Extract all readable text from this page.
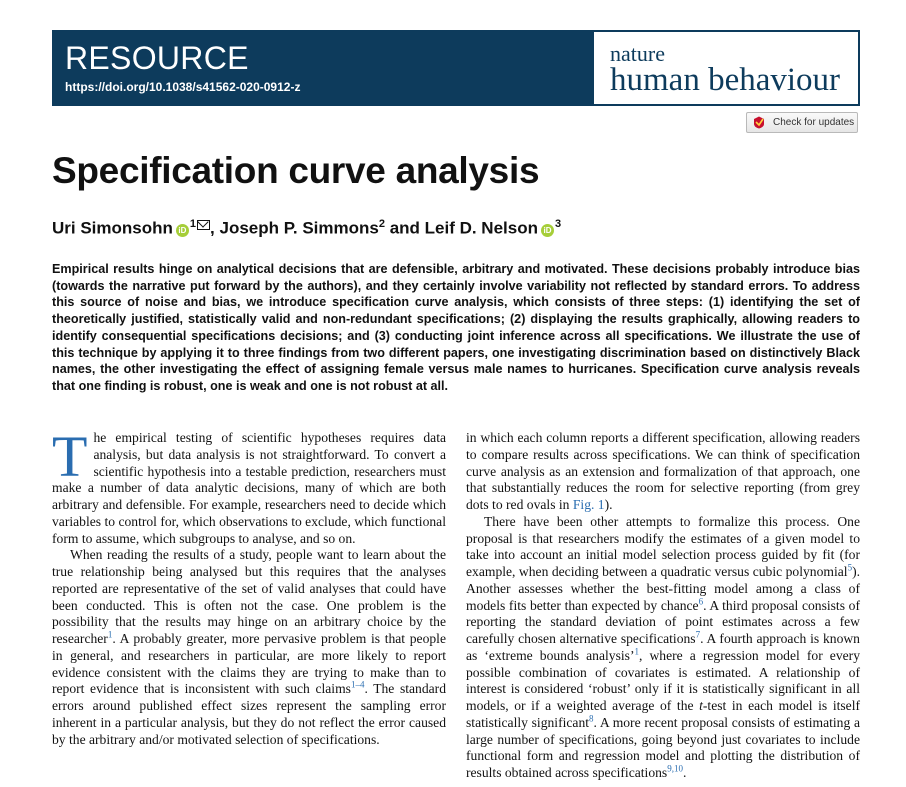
RESOURCE
https://doi.org/10.1038/s41562-020-0912-z
nature
human behaviour
Check for updates
Specification curve analysis
Uri Simonsohn $iD^1$ , Joseph P. Simmons$^2$ and Leif D. Nelson $iD^3$
Empirical results hinge on analytical decisions that are defensible, arbitrary and motivated. These decisions probably introduce bias (towards the narrative put forward by the authors), and they certainly involve variability not reflected by standard errors. To address this source of noise and bias, we introduce specification curve analysis, which consists of three steps: (1) identifying the set of theoretically justified, statistically valid and non-redundant specifications; (2) displaying the results graphically, allowing readers to identify consequential specifications decisions; and (3) conducting joint inference across all specifications. We illustrate the use of this technique by applying it to three findings from two different papers, one investigating discrimination based on distinctively Black names, the other investigating the effect of assigning female versus male names to hurricanes. Specification curve analysis reveals that one finding is robust, one is weak and one is not robust at all.

The empirical testing of scientific hypotheses requires data analysis, but data analysis is not straightforward. To convert a scientific hypothesis into a testable prediction, researchers must make a number of data analytic decisions, many of which are both arbitrary and defensible. For example, researchers need to decide which variables to control for, which observations to exclude, which functional form to assume, which subgroups to analyse, and so on.

When reading the results of a study, people want to learn about the true relationship being analysed but this requires that the analyses reported are representative of the set of valid analyses that could have been conducted. This is often not the case. One problem is the possibility that the results may hinge on an arbitrary choice by the researcher$^1$. A probably greater, more pervasive problem is that people in general, and researchers in particular, are more likely to report evidence consistent with the claims they are trying to make than to report evidence that is inconsistent with such claims$^{1-4}$. The standard errors around published effect sizes represent the sampling error inherent in a particular analysis, but they do not reflect the error caused by the arbitrary and/or motivated selection of specifications.

in which each column reports a different specification, allowing readers to compare results across specifications. We can think of specification curve analysis as an extension and formalization of that approach, one that substantially reduces the room for selective reporting (from grey dots to red ovals in Fig. 1).

There have been other attempts to formalize this process. One proposal is that researchers modify the estimates of a given model to take into account an initial model selection process guided by fit (for example, when deciding between a quadratic versus cubic polynomial$^5$). Another assesses whether the best-fitting model among a class of models fits better than expected by chance$^6$. A third proposal consists of reporting the standard deviation of point estimates across a few carefully chosen alternative specifications$^7$. A fourth approach is known as ‘extreme bounds analysis’$^1$, where a regression model for every possible combination of covariates is estimated. A relationship of interest is considered ‘robust’ only if it is statistically significant in all models, or if a weighted average of the t-test in each model is itself statistically significant$^8$. A more recent proposal consists of estimating a large number of specifications, going beyond just covariates to include functional form and regression model and plotting the distribution of results obtained across specifications$^{9,10}$.
